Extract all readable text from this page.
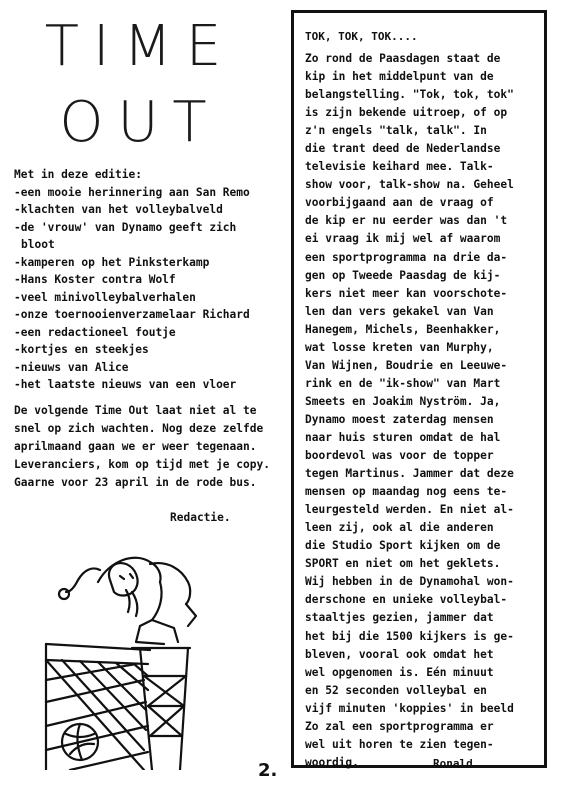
TIME
OUT
Met in deze editie:
-een mooie herinnering aan San Remo
-klachten van het volleybalveld
-de 'vrouw' van Dynamo geeft zich
bloot
-kamperen op het Pinksterkamp
-Hans Koster contra Wolf
-veel minivolleybalverhalen
-onze toernooienverzamelaar Richard
-een redactioneel foutje
-kortjes en steekjes
-nieuws van Alice
-het laatste nieuws van een vloer
De volgende Time Out laat niet al te
snel op zich wachten. Nog deze zelfde
aprilmaand gaan we er weer tegenaan.
Leveranciers, kom op tijd met je copy.
Gaarne voor 23 april in de rode bus.
Redactie.
2.
TOK, TOK, TOK....
Zo rond de Paasdagen staat de
kip in het middelpunt van de
belangstelling. "Tok, tok, tok"
is zijn bekende uitroep, of op
z'n engels "talk, talk". In
die trant deed de Nederlandse
televisie keihard mee. Talk-
show voor, talk-show na. Geheel
voorbijgaand aan de vraag of
de kip er nu eerder was dan 't
ei vraag ik mij wel af waarom
een sportprogramma na drie da-
gen op Tweede Paasdag de kij-
kers niet meer kan voorschote-
len dan vers gekakel van Van
Hanegem, Michels, Beenhakker,
wat losse kreten van Murphy,
Van Wijnen, Boudrie en Leeuwe-
rink en de "ik-show" van Mart
Smeets en Joakim Nyström. Ja,
Dynamo moest zaterdag mensen
naar huis sturen omdat de hal
boordevol was voor de topper
tegen Martinus. Jammer dat deze
mensen op maandag nog eens te-
leurgesteld werden. En niet al-
leen zij, ook al die anderen
die Studio Sport kijken om de
SPORT en niet om het geklets.
Wij hebben in de Dynamohal won-
derschone en unieke volleybal-
staaltjes gezien, jammer dat
het bij die 1500 kijkers is ge-
bleven, vooral ook omdat het
wel opgenomen is. Eén minuut
en 52 seconden volleybal en
vijf minuten 'koppies' in beeld
Zo zal een sportprogramma er
wel uit horen te zien tegen-
woordig.	Ronald.
